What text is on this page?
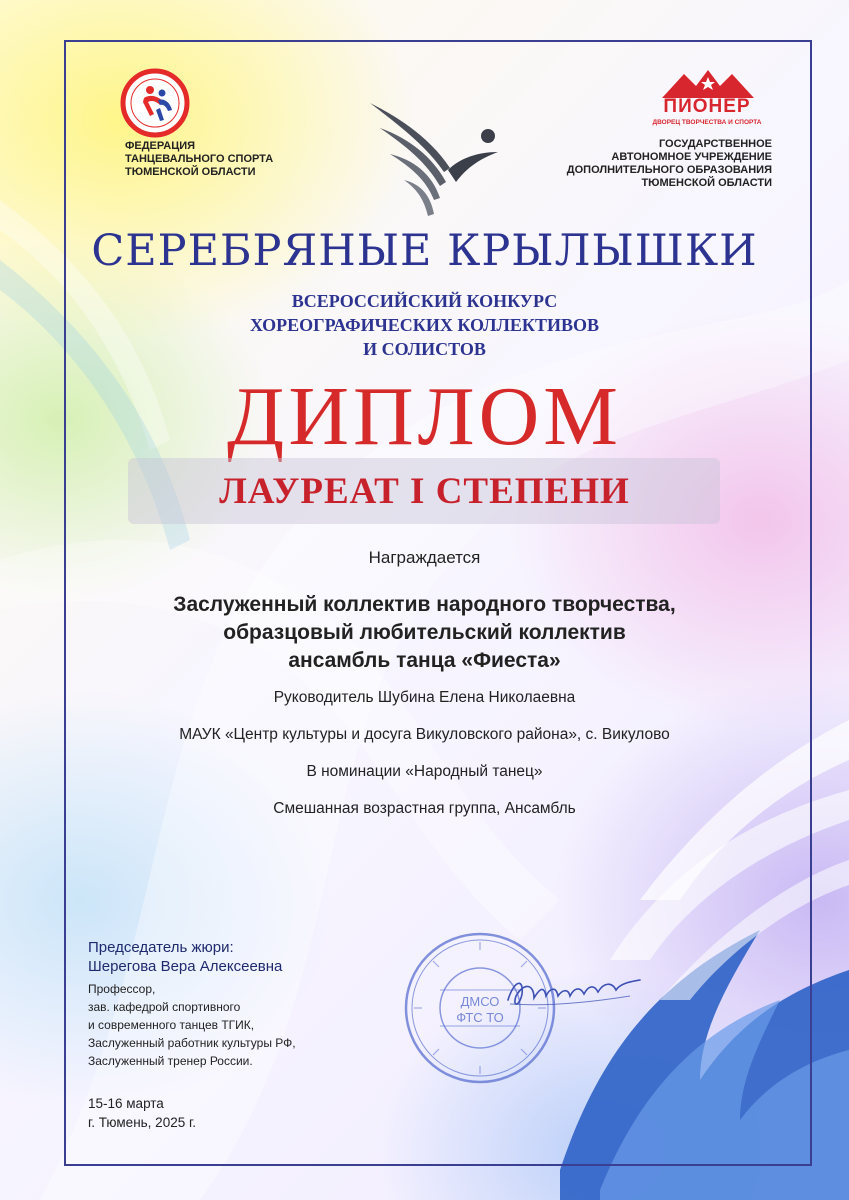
ФЕДЕРАЦИЯ
ТАНЦЕВАЛЬНОГО СПОРТА
ТЮМЕНСКОЙ ОБЛАСТИ
ПИОНЕР
ДВОРЕЦ ТВОРЧЕСТВА И СПОРТА
ГОСУДАРСТВЕННОЕ
АВТОНОМНОЕ УЧРЕЖДЕНИЕ
ДОПОЛНИТЕЛЬНОГО ОБРАЗОВАНИЯ
ТЮМЕНСКОЙ ОБЛАСТИ
СЕРЕБРЯНЫЕ КРЫЛЫШКИ
ВСЕРОССИЙСКИЙ КОНКУРС
ХОРЕОГРАФИЧЕСКИХ КОЛЛЕКТИВОВ
И СОЛИСТОВ
ДИПЛОМ
ЛАУРЕАТ I СТЕПЕНИ
Награждается
Заслуженный коллектив народного творчества,
образцовый любительский коллектив
ансамбль танца «Фиеста»
Руководитель Шубина Елена Николаевна
МАУК «Центр культуры и досуга Викуловского района», с. Викулово
В номинации «Народный танец»
Смешанная возрастная группа, Ансамбль
Председатель жюри:
Шерегова Вера Алексеевна
Профессор,
зав. кафедрой спортивного
и современного танцев ТГИК,
Заслуженный работник культуры РФ,
Заслуженный тренер России.
15-16 марта
г. Тюмень, 2025 г.
ДМСО
ФТС ТО
